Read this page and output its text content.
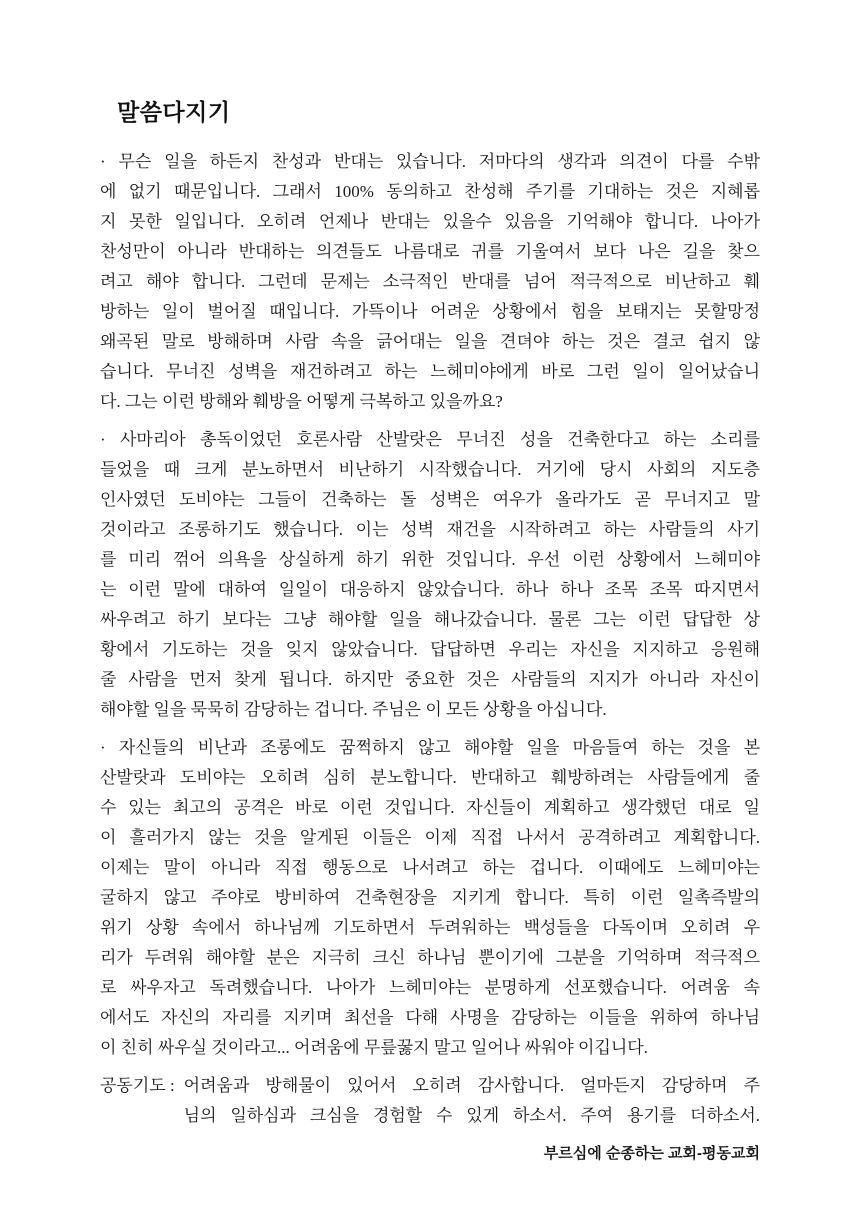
말씀다지기
· 무슨 일을 하든지 찬성과 반대는 있습니다. 저마다의 생각과 의견이 다를 수밖
에 없기 때문입니다. 그래서 100% 동의하고 찬성해 주기를 기대하는 것은 지혜롭
지 못한 일입니다. 오히려 언제나 반대는 있을수 있음을 기억해야 합니다. 나아가
찬성만이 아니라 반대하는 의견들도 나름대로 귀를 기울여서 보다 나은 길을 찾으
려고 해야 합니다. 그런데 문제는 소극적인 반대를 넘어 적극적으로 비난하고 훼
방하는 일이 벌어질 때입니다. 가뜩이나 어려운 상황에서 힘을 보태지는 못할망정
왜곡된 말로 방해하며 사람 속을 긁어대는 일을 견뎌야 하는 것은 결코 쉽지 않
습니다. 무너진 성벽을 재건하려고 하는 느헤미야에게 바로 그런 일이 일어났습니
다. 그는 이런 방해와 훼방을 어떻게 극복하고 있을까요?
· 사마리아 총독이었던 호론사람 산발랏은 무너진 성을 건축한다고 하는 소리를
들었을 때 크게 분노하면서 비난하기 시작했습니다. 거기에 당시 사회의 지도층
인사였던 도비야는 그들이 건축하는 돌 성벽은 여우가 올라가도 곧 무너지고 말
것이라고 조롱하기도 했습니다. 이는 성벽 재건을 시작하려고 하는 사람들의 사기
를 미리 꺾어 의욕을 상실하게 하기 위한 것입니다. 우선 이런 상황에서 느헤미야
는 이런 말에 대하여 일일이 대응하지 않았습니다. 하나 하나 조목 조목 따지면서
싸우려고 하기 보다는 그냥 해야할 일을 해나갔습니다. 물론 그는 이런 답답한 상
황에서 기도하는 것을 잊지 않았습니다. 답답하면 우리는 자신을 지지하고 응원해
줄 사람을 먼저 찾게 됩니다. 하지만 중요한 것은 사람들의 지지가 아니라 자신이
해야할 일을 묵묵히 감당하는 겁니다. 주님은 이 모든 상황을 아십니다.
· 자신들의 비난과 조롱에도 꿈쩍하지 않고 해야할 일을 마음들여 하는 것을 본
산발랏과 도비야는 오히려 심히 분노합니다. 반대하고 훼방하려는 사람들에게 줄
수 있는 최고의 공격은 바로 이런 것입니다. 자신들이 계획하고 생각했던 대로 일
이 흘러가지 않는 것을 알게된 이들은 이제 직접 나서서 공격하려고 계획합니다.
이제는 말이 아니라 직접 행동으로 나서려고 하는 겁니다. 이때에도 느헤미야는
굴하지 않고 주야로 방비하여 건축현장을 지키게 합니다. 특히 이런 일촉즉발의
위기 상황 속에서 하나님께 기도하면서 두려워하는 백성들을 다독이며 오히려 우
리가 두려워 해야할 분은 지극히 크신 하나님 뿐이기에 그분을 기억하며 적극적으
로 싸우자고 독려했습니다. 나아가 느헤미야는 분명하게 선포했습니다. 어려움 속
에서도 자신의 자리를 지키며 최선을 다해 사명을 감당하는 이들을 위하여 하나님
이 친히 싸우실 것이라고... 어려움에 무릎꿇지 말고 일어나 싸워야 이깁니다.
공동기도 : 어려움과 방해물이 있어서 오히려 감사합니다. 얼마든지 감당하며 주
님의 일하심과 크심을 경험할 수 있게 하소서. 주여 용기를 더하소서.
부르심에 순종하는 교회-평동교회
